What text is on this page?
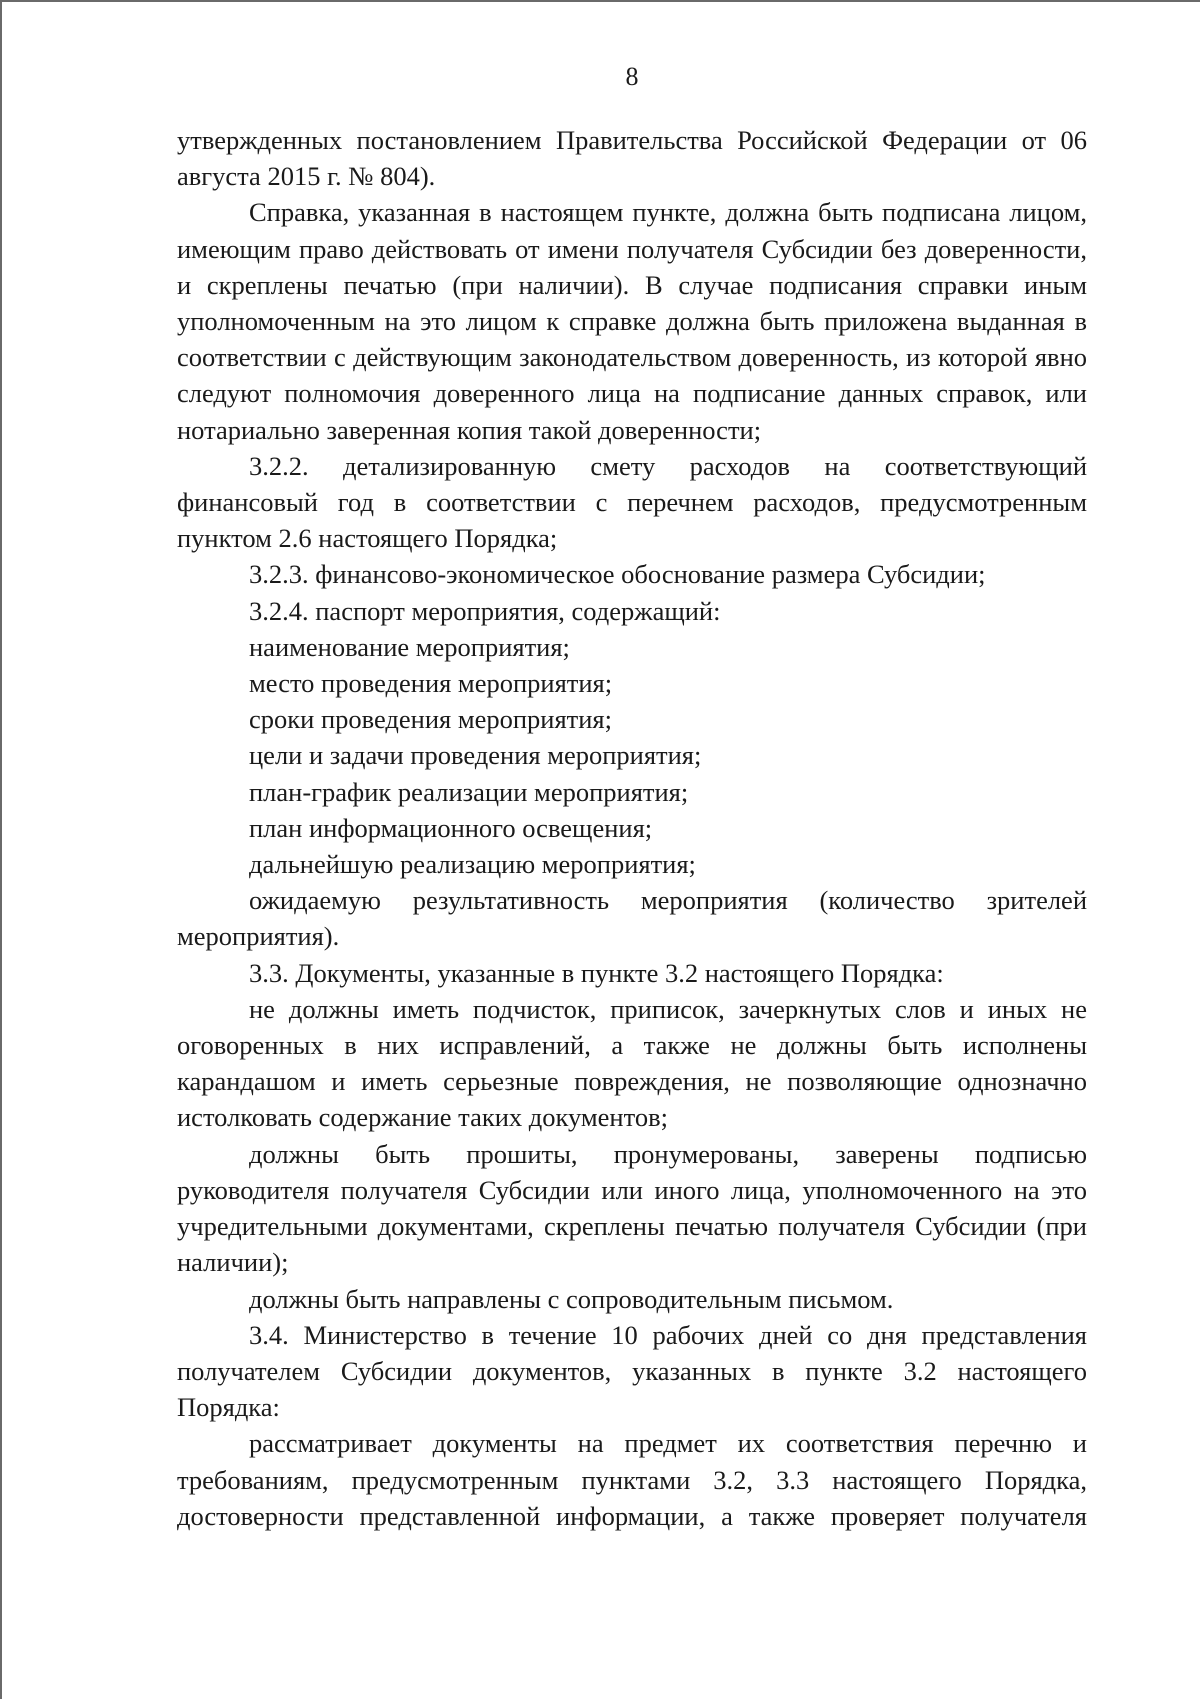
8

утвержденных постановлением Правительства Российской Федерации от 06 августа 2015 г. № 804).

Справка, указанная в настоящем пункте, должна быть подписана лицом, имеющим право действовать от имени получателя Субсидии без доверенности, и скреплены печатью (при наличии). В случае подписания справки иным уполномоченным на это лицом к справке должна быть приложена выданная в соответствии с действующим законодательством доверенность, из которой явно следуют полномочия доверенного лица на подписание данных справок, или нотариально заверенная копия такой доверенности;

3.2.2. детализированную смету расходов на соответствующий финансовый год в соответствии с перечнем расходов, предусмотренным пунктом 2.6 настоящего Порядка;

3.2.3. финансово-экономическое обоснование размера Субсидии;

3.2.4. паспорт мероприятия, содержащий:

наименование мероприятия;

место проведения мероприятия;

сроки проведения мероприятия;

цели и задачи проведения мероприятия;

план-график реализации мероприятия;

план информационного освещения;

дальнейшую реализацию мероприятия;

ожидаемую результативность мероприятия (количество зрителей мероприятия).

3.3. Документы, указанные в пункте 3.2 настоящего Порядка:

не должны иметь подчисток, приписок, зачеркнутых слов и иных не оговоренных в них исправлений, а также не должны быть исполнены карандашом и иметь серьезные повреждения, не позволяющие однозначно истолковать содержание таких документов;

должны быть прошиты, пронумерованы, заверены подписью руководителя получателя Субсидии или иного лица, уполномоченного на это учредительными документами, скреплены печатью получателя Субсидии (при наличии);

должны быть направлены с сопроводительным письмом.

3.4. Министерство в течение 10 рабочих дней со дня представления получателем Субсидии документов, указанных в пункте 3.2 настоящего Порядка:

рассматривает документы на предмет их соответствия перечню и требованиям, предусмотренным пунктами 3.2, 3.3 настоящего Порядка, достоверности представленной информации, а также проверяет получателя
